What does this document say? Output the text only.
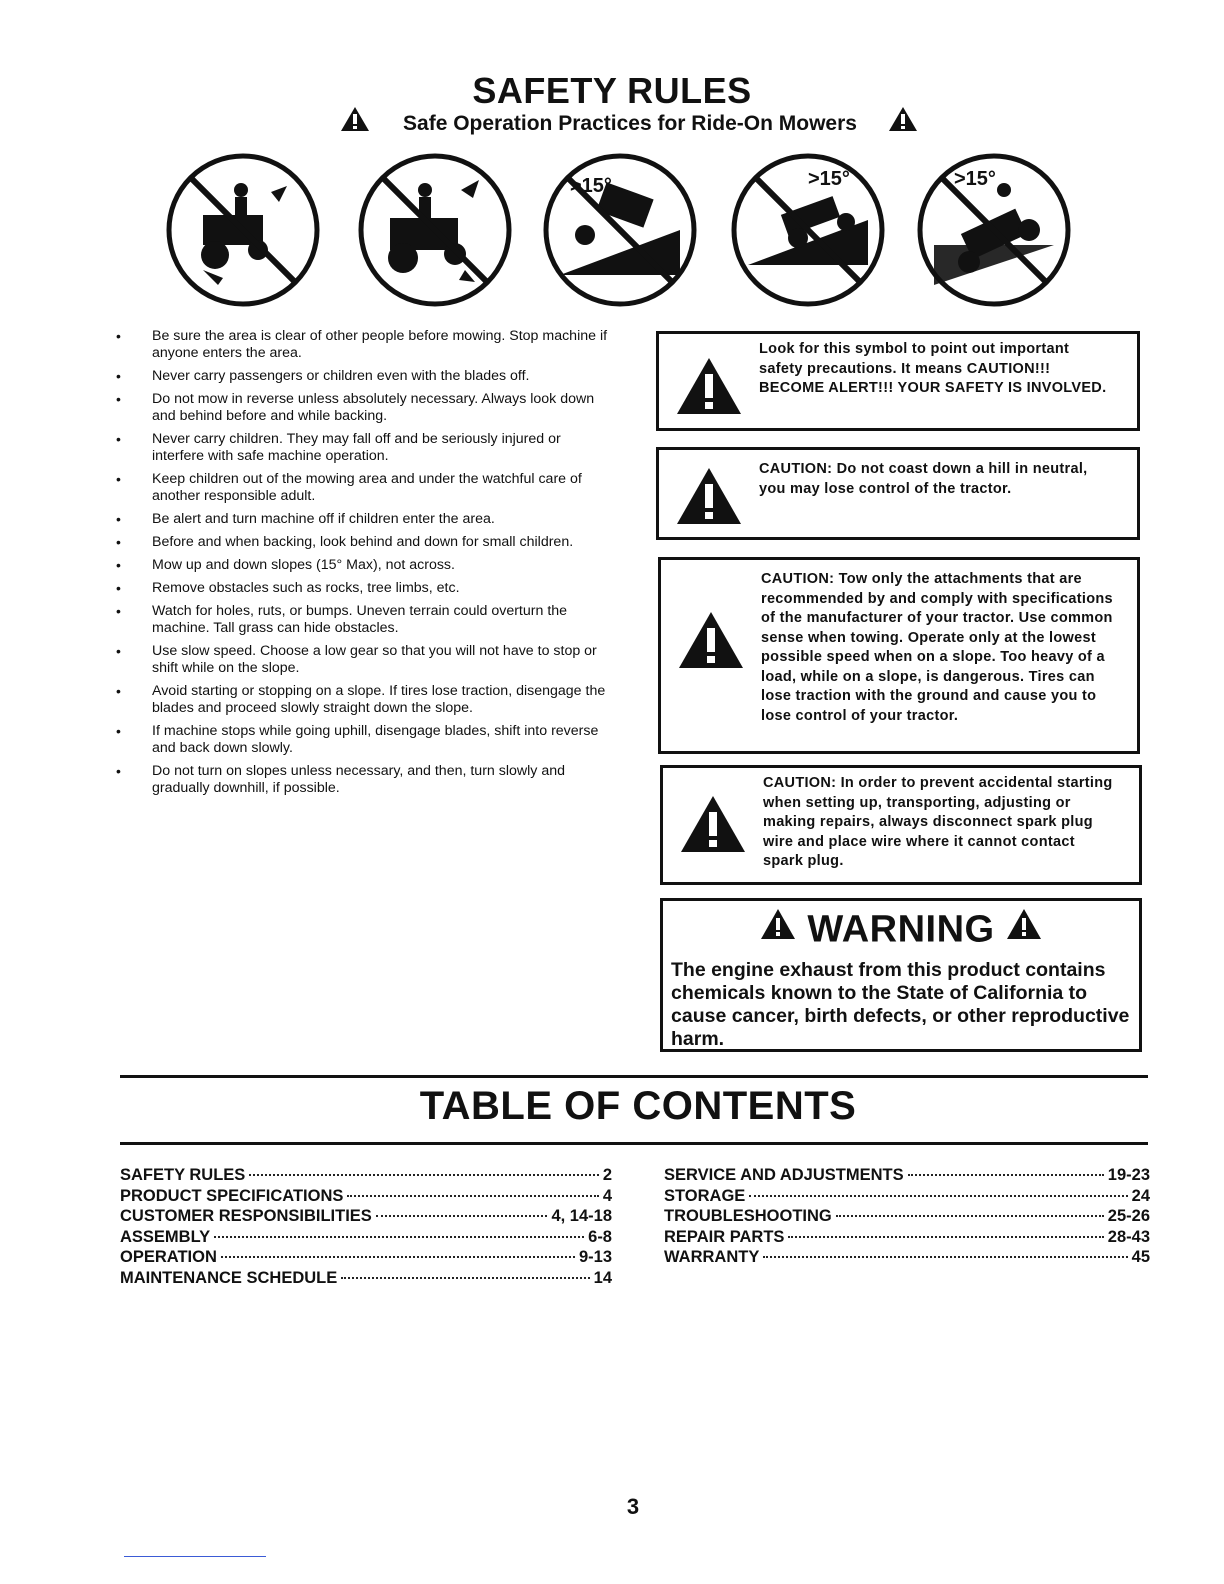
SAFETY RULES
Safe Operation Practices for Ride-On Mowers
>15°	>15°	>15°
• Be sure the area is clear of other people before mowing. Stop machine if anyone enters the area.
• Never carry passengers or children even with the blades off.
• Do not mow in reverse unless absolutely necessary. Always look down and behind before and while backing.
• Never carry children. They may fall off and be seriously injured or interfere with safe machine operation.
• Keep children out of the mowing area and under the watchful care of another responsible adult.
• Be alert and turn machine off if children enter the area.
• Before and when backing, look behind and down for small children.
• Mow up and down slopes (15° Max), not across.
• Remove obstacles such as rocks, tree limbs, etc.
• Watch for holes, ruts, or bumps. Uneven terrain could overturn the machine. Tall grass can hide obstacles.
• Use slow speed. Choose a low gear so that you will not have to stop or shift while on the slope.
• Avoid starting or stopping on a slope. If tires lose traction, disengage the blades and proceed slowly straight down the slope.
• If machine stops while going uphill, disengage blades, shift into reverse and back down slowly.
• Do not turn on slopes unless necessary, and then, turn slowly and gradually downhill, if possible.
Look for this symbol to point out important safety precautions. It means CAUTION!!! BECOME ALERT!!! YOUR SAFETY IS INVOLVED.
CAUTION: Do not coast down a hill in neutral, you may lose control of the tractor.
CAUTION: Tow only the attachments that are recommended by and comply with specifications of the manufacturer of your tractor. Use common sense when towing. Operate only at the lowest possible speed when on a slope. Too heavy of a load, while on a slope, is dangerous. Tires can lose traction with the ground and cause you to lose control of your tractor.
CAUTION: In order to prevent accidental starting when setting up, transporting, adjusting or making repairs, always disconnect spark plug wire and place wire where it cannot contact spark plug.
WARNING
The engine exhaust from this product contains chemicals known to the State of California to cause cancer, birth defects, or other reproductive harm.
TABLE OF CONTENTS
SAFETY RULES	2
PRODUCT SPECIFICATIONS	4
CUSTOMER RESPONSIBILITIES	4, 14-18
ASSEMBLY	6-8
OPERATION	9-13
MAINTENANCE SCHEDULE	14
SERVICE AND ADJUSTMENTS	19-23
STORAGE	24
TROUBLESHOOTING	25-26
REPAIR PARTS	28-43
WARRANTY	45
3
